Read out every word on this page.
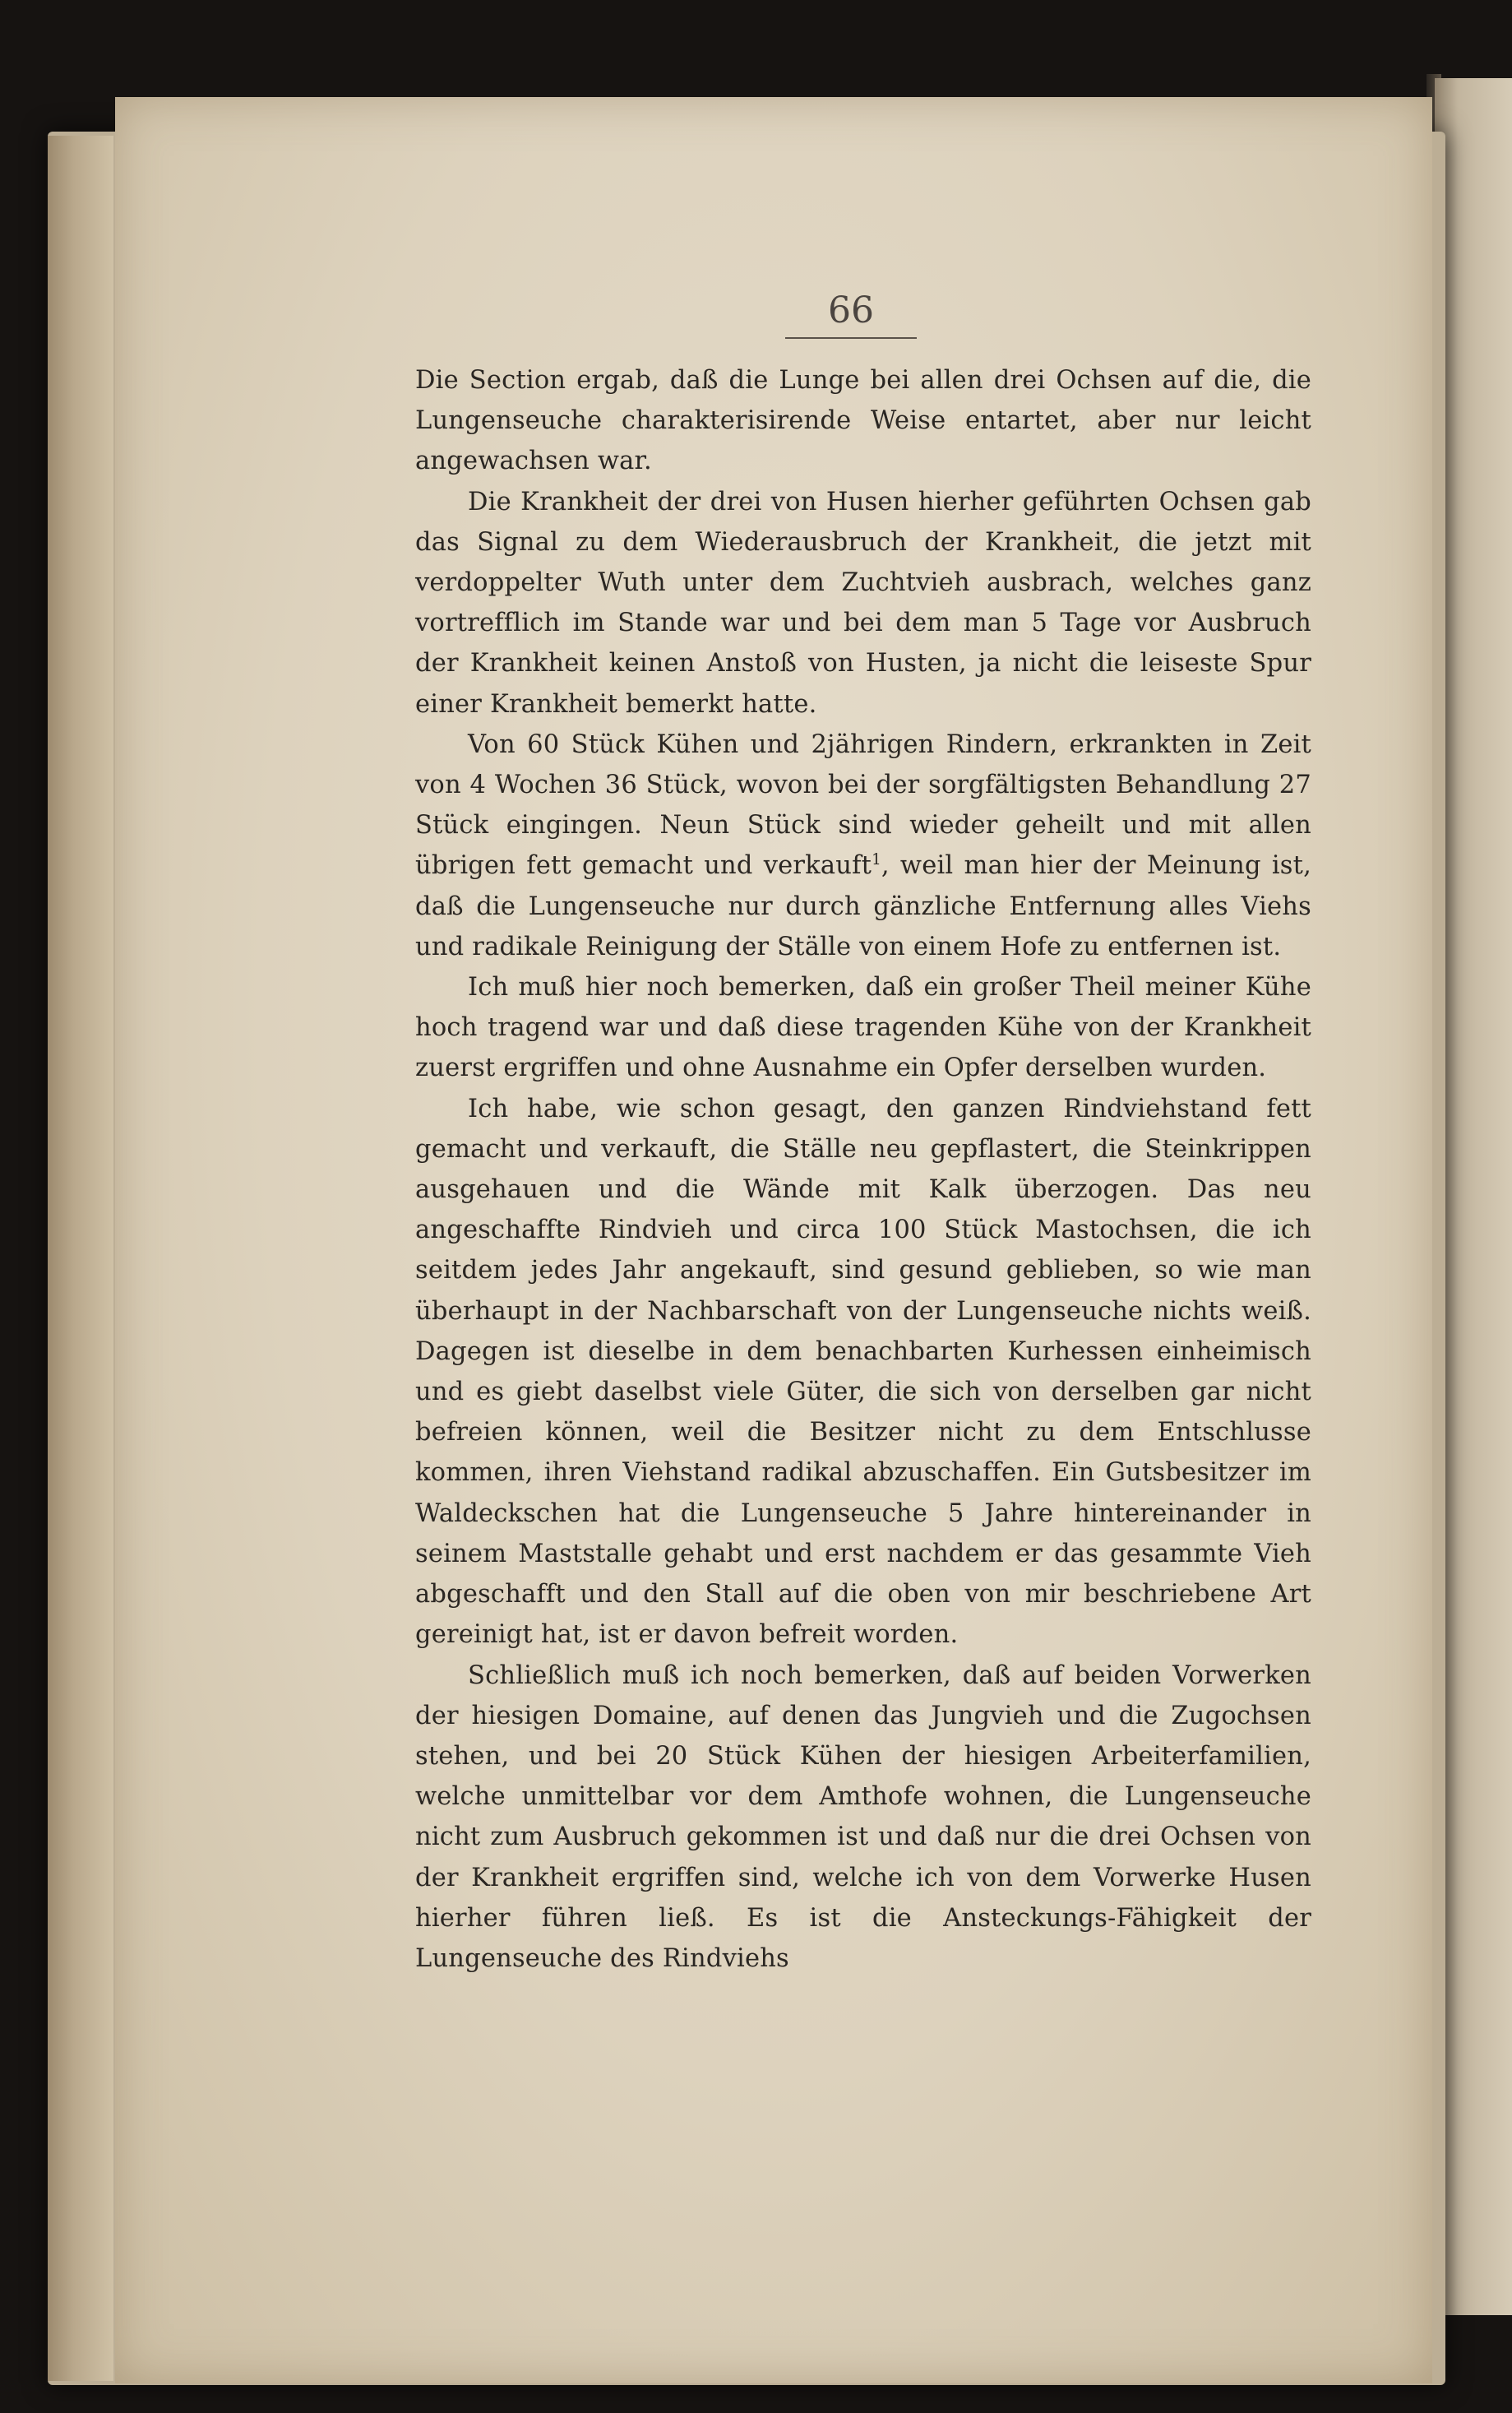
66

Die Section ergab, daß die Lunge bei allen drei Ochsen auf die, die Lungenseuche charakterisirende Weise entartet, aber nur leicht angewachsen war.

Die Krankheit der drei von Husen hierher geführten Ochsen gab das Signal zu dem Wiederausbruch der Krankheit, die jetzt mit verdoppelter Wuth unter dem Zuchtvieh ausbrach, welches ganz vortrefflich im Stande war und bei dem man 5 Tage vor Ausbruch der Krankheit keinen Anstoß von Husten, ja nicht die leiseste Spur einer Krankheit bemerkt hatte.

Von 60 Stück Kühen und 2jährigen Rindern, erkrankten in Zeit von 4 Wochen 36 Stück, wovon bei der sorgfältigsten Behandlung 27 Stück eingingen. Neun Stück sind wieder geheilt und mit allen übrigen fett gemacht und verkauft$^1$, weil man hier der Meinung ist, daß die Lungenseuche nur durch gänzliche Entfernung alles Viehs und radikale Reinigung der Ställe von einem Hofe zu entfernen ist.

Ich muß hier noch bemerken, daß ein großer Theil meiner Kühe hoch tragend war und daß diese tragenden Kühe von der Krankheit zuerst ergriffen und ohne Ausnahme ein Opfer derselben wurden.

Ich habe, wie schon gesagt, den ganzen Rindviehstand fett gemacht und verkauft, die Ställe neu gepflastert, die Steinkrippen ausgehauen und die Wände mit Kalk überzogen. Das neu angeschaffte Rindvieh und circa 100 Stück Mastochsen, die ich seitdem jedes Jahr angekauft, sind gesund geblieben, so wie man überhaupt in der Nachbarschaft von der Lungenseuche nichts weiß. Dagegen ist dieselbe in dem benachbarten Kurhessen einheimisch und es giebt daselbst viele Güter, die sich von derselben gar nicht befreien können, weil die Besitzer nicht zu dem Entschlusse kommen, ihren Viehstand radikal abzuschaffen. Ein Gutsbesitzer im Waldeckschen hat die Lungenseuche 5 Jahre hintereinander in seinem Maststalle gehabt und erst nachdem er das gesammte Vieh abgeschafft und den Stall auf die oben von mir beschriebene Art gereinigt hat, ist er davon befreit worden.

Schließlich muß ich noch bemerken, daß auf beiden Vorwerken der hiesigen Domaine, auf denen das Jungvieh und die Zugochsen stehen, und bei 20 Stück Kühen der hiesigen Arbeiterfamilien, welche unmittelbar vor dem Amthofe wohnen, die Lungenseuche nicht zum Ausbruch gekommen ist und daß nur die drei Ochsen von der Krankheit ergriffen sind, welche ich von dem Vorwerke Husen hierher führen ließ. Es ist die Ansteckungs-Fähigkeit der Lungenseuche des Rindviehs
